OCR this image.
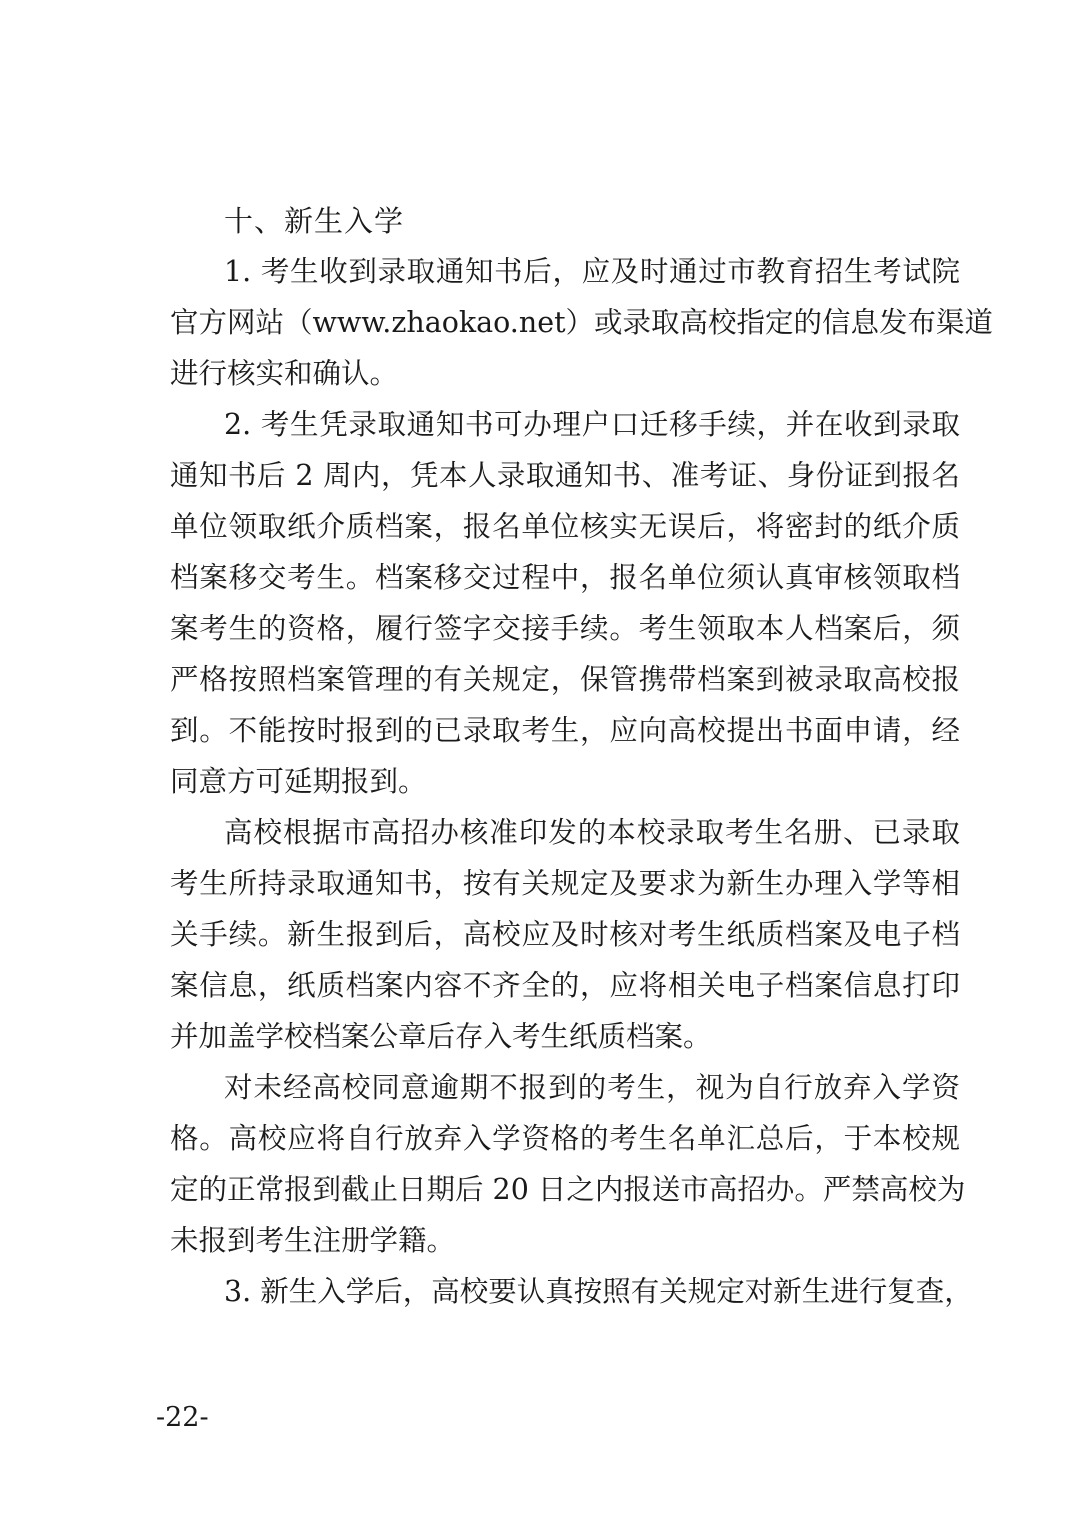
十、新生入学
1. 考生收到录取通知书后，应及时通过市教育招生考试院
官方网站（www.zhaokao.net）或录取高校指定的信息发布渠道
进行核实和确认。
2. 考生凭录取通知书可办理户口迁移手续，并在收到录取
通知书后 2 周内，凭本人录取通知书、准考证、身份证到报名
单位领取纸介质档案，报名单位核实无误后，将密封的纸介质
档案移交考生。档案移交过程中，报名单位须认真审核领取档
案考生的资格，履行签字交接手续。考生领取本人档案后，须
严格按照档案管理的有关规定，保管携带档案到被录取高校报
到。不能按时报到的已录取考生，应向高校提出书面申请，经
同意方可延期报到。
高校根据市高招办核准印发的本校录取考生名册、已录取
考生所持录取通知书，按有关规定及要求为新生办理入学等相
关手续。新生报到后，高校应及时核对考生纸质档案及电子档
案信息，纸质档案内容不齐全的，应将相关电子档案信息打印
并加盖学校档案公章后存入考生纸质档案。
对未经高校同意逾期不报到的考生，视为自行放弃入学资
格。高校应将自行放弃入学资格的考生名单汇总后，于本校规
定的正常报到截止日期后 20 日之内报送市高招办。严禁高校为
未报到考生注册学籍。
3. 新生入学后，高校要认真按照有关规定对新生进行复查，
-22-
